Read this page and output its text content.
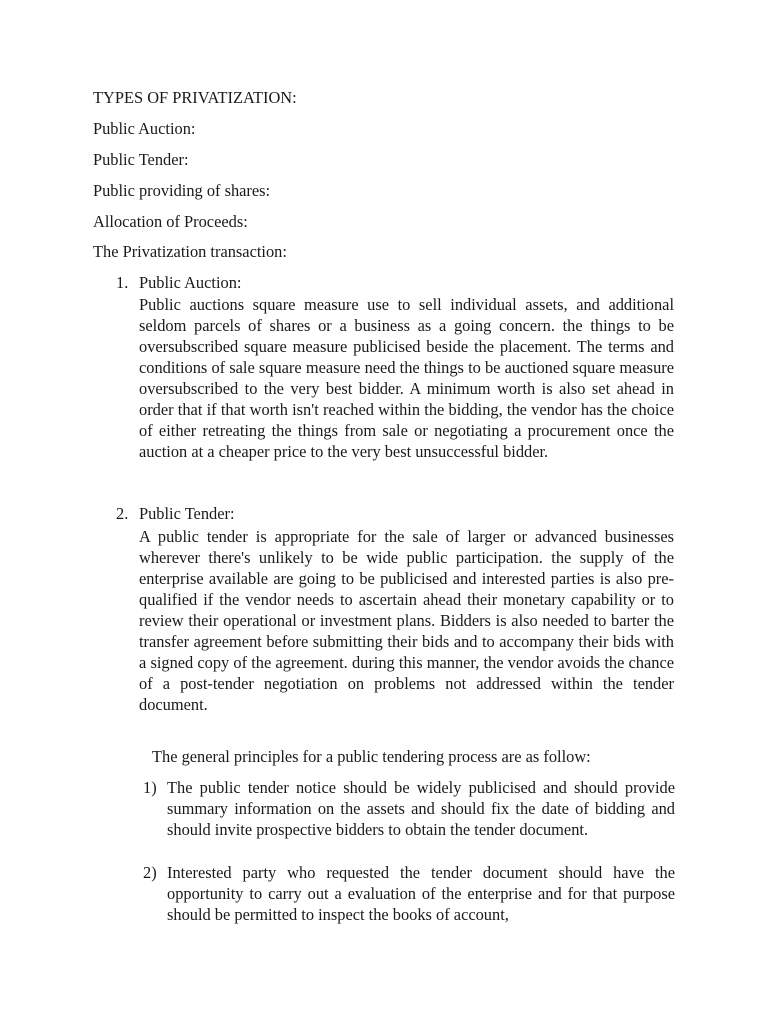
TYPES OF PRIVATIZATION:
Public Auction:
Public Tender:
Public providing of shares:
Allocation of Proceeds:
The Privatization transaction:
1. Public Auction:

Public auctions square measure use to sell individual assets, and additional seldom parcels of shares or a business as a going concern. the things to be oversubscribed square measure publicised beside the placement. The terms and conditions of sale square measure need the things to be auctioned square measure oversubscribed to the very best bidder. A minimum worth is also set ahead in order that if that worth isn't reached within the bidding, the vendor has the choice of either retreating the things from sale or negotiating a procurement once the auction at a cheaper price to the very best unsuccessful bidder.

2. Public Tender:

A public tender is appropriate for the sale of larger or advanced businesses wherever there's unlikely to be wide public participation. the supply of the enterprise available are going to be publicised and interested parties is also pre-qualified if the vendor needs to ascertain ahead their monetary capability or to review their operational or investment plans. Bidders is also needed to barter the transfer agreement before submitting their bids and to accompany their bids with a signed copy of the agreement. during this manner, the vendor avoids the chance of a post-tender negotiation on problems not addressed within the tender document.

The general principles for a public tendering process are as follow:
1) The public tender notice should be widely publicised and should provide summary information on the assets and should fix the date of bidding and should invite prospective bidders to obtain the tender document.

2) Interested party who requested the tender document should have the opportunity to carry out a evaluation of the enterprise and for that purpose should be permitted to inspect the books of account,
